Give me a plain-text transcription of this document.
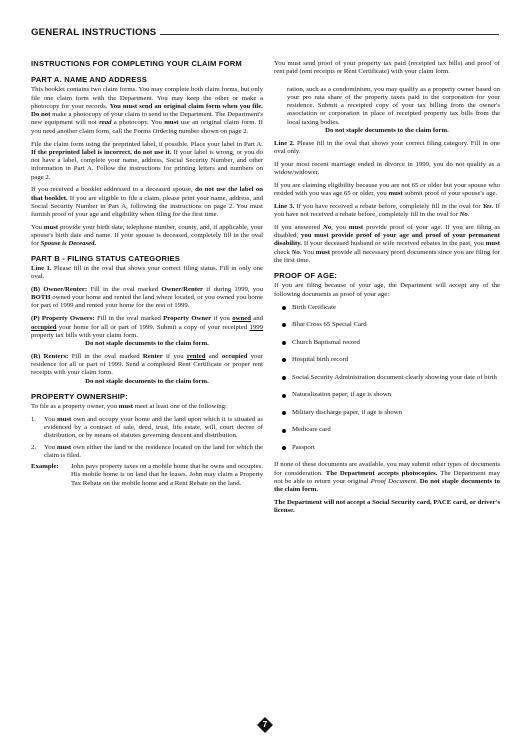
GENERAL INSTRUCTIONS
INSTRUCTIONS FOR COMPLETING YOUR CLAIM FORM
PART A. NAME AND ADDRESS

This booklet contains two claim forms. You may complete both claim forms, but only file one claim form with the Department. You may keep the other or make a photocopy for your records. You must send an original claim form when you file. Do not make a photocopy of your claim to send to the Department. The Department's new equipment will not read a photocopy. You must use an original claim form. If you need another claim form, call the Forms Ordering number shown on page 2.

File the claim form using the preprinted label, if possible. Place your label in Part A. If the preprinted label is incorrect, do not use it. If your label is wrong, or you do not have a label, complete your name, address, Social Security Number, and other information in Part A. Follow the instructions for printing letters and numbers on page 2.

If you received a booklet addressed to a deceased spouse, do not use the label on that booklet. If you are eligible to file a claim, please print your name, address, and Social Security Number in Part A, following the instructions on page 2. You must furnish proof of your age and eligibility when filing for the first time.

You must provide your birth date, telephone number, county, and, if applicable, your spouse's birth date and name. If your spouse is deceased, completely fill in the oval for Spouse is Deceased.

PART B - FILING STATUS CATEGORIES

Line 1. Please fill in the oval that shows your correct filing status. Fill in only one oval.

(B) Owner/Renter: Fill in the oval marked Owner/Renter if during 1999, you BOTH owned your home and rented the land where located, or you owned you home for part of 1999 and rented your home for the rest of 1999.

(P) Property Owners: Fill in the oval marked Property Owner if you owned and occupied your home for all or part of 1999. Submit a copy of your receipted 1999 property tax bills with your claim form.

Do not staple documents to the claim form.

(R) Renters: Fill in the oval marked Renter if you rented and occupied your residence for all or part of 1999. Send a completed Rent Certificate or proper rent receipts with your claim form.

Do not staple documents to the claim form.

PROPERTY OWNERSHIP:

To file as a property owner, you must meet at least one of the following:

1.	You must own and occupy your home and the land upon which it is situated as evidenced by a contract of sale, deed, trust, life estate, will, court decree of distribution, or by means of statutes governing descent and distribution.
2.	You must own either the land or the residence located on the land for which the claim is filed.
Example:	John pays property taxes on a mobile home that he owns and occupies. His mobile home is on land that he leases. John may claim a Property Tax Rebate on the mobile home and a Rent Rebate on the land.

You must send proof of your property tax paid (receipted tax bills) and proof of rent paid (rent receipts or Rent Certificate) with your claim form.

ration, such as a condominium, you may qualify as a property owner based on your pro rata share of the property taxes paid to the corporation for your residence. Submit a receipted copy of your tax billing from the owner's association or corporation in place of receipted property tax bills from the local taxing bodies.

Do not staple documents to the claim form.

Line 2. Please fill in the oval that shows your correct filing category. Fill in one oval only.

If your most recent marriage ended in divorce in 1999, you do not qualify as a widow/widower.

If you are claiming eligibility because you are not 65 or older but your spouse who resided with you was age 65 or older, you must submit proof of your spouse's age.

Line 3. If you have received a rebate before, completely fill in the oval for Yes. If you have not received a rebate before, completely fill in the oval for No.

If you answered No, you must provide proof of your age. If you are filing as disabled, you must provide proof of your age and proof of your permanent disability. If your deceased husband or wife received rebates in the past, you must check No. You must provide all necessary proof documents since you are filing for the first time.

PROOF OF AGE:

If you are filing because of your age, the Department will accept any of the following documents as proof of your age:

Birth Certificate
Blue Cross 65 Special Card
Church Baptismal record
Hospital birth record
Social Security Administration document clearly showing your date of birth
Naturalization paper, if age is shown
Military discharge paper, if age is shown
Medicare card
Passport

If none of these documents are available, you may submit other types of documents for consideration. The Department accepts photocopies. The Department may not be able to return your original Proof Document. Do not staple documents to the claim form.

The Department will not accept a Social Security card, PACE card, or driver's license.

7
